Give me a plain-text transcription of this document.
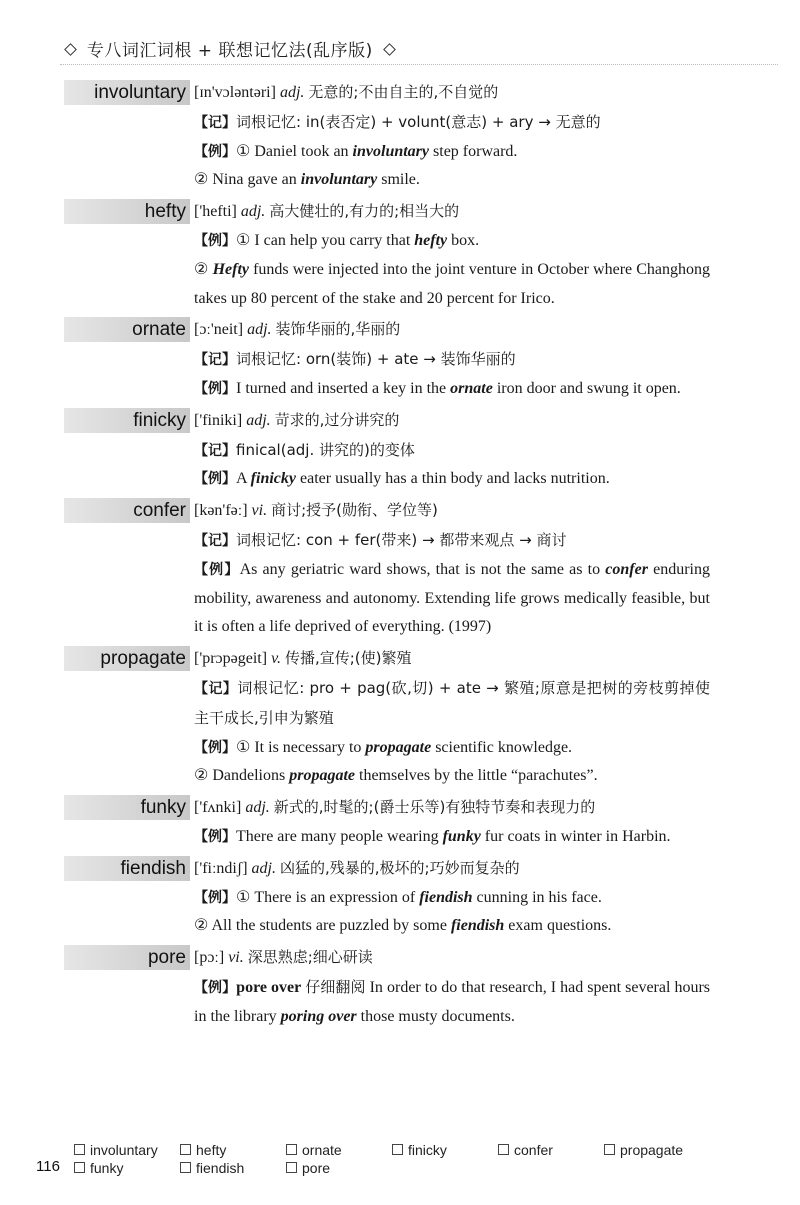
专八词汇词根 + 联想记忆法(乱序版)
involuntary [ɪn'vɔləntəri] adj. 无意的;不由自主的,不自觉的
【记】词根记忆: in(表否定) + volunt(意志) + ary → 无意的
【例】① Daniel took an involuntary step forward.
② Nina gave an involuntary smile.
hefty ['hefti] adj. 高大健壮的,有力的;相当大的
【例】① I can help you carry that hefty box.
② Hefty funds were injected into the joint venture in October where Changhong takes up 80 percent of the stake and 20 percent for Irico.
ornate [ɔː'neit] adj. 装饰华丽的,华丽的
【记】词根记忆: orn(装饰) + ate → 装饰华丽的
【例】I turned and inserted a key in the ornate iron door and swung it open.
finicky ['finiki] adj. 苛求的,过分讲究的
【记】finical(adj. 讲究的)的变体
【例】A finicky eater usually has a thin body and lacks nutrition.
confer [kən'fəː] vi. 商讨;授予(勋衔、学位等)
【记】词根记忆: con + fer(带来) → 都带来观点 → 商讨
【例】As any geriatric ward shows, that is not the same as to confer enduring mobility, awareness and autonomy. Extending life grows medically feasible, but it is often a life deprived of everything. (1997)
propagate ['prɔpəgeit] v. 传播,宣传;(使)繁殖
【记】词根记忆: pro + pag(砍,切) + ate → 繁殖;原意是把树的旁枝剪掉使主干成长,引申为繁殖
【例】① It is necessary to propagate scientific knowledge.
② Dandelions propagate themselves by the little “parachutes”.
funky ['fʌnki] adj. 新式的,时髦的;(爵士乐等)有独特节奏和表现力的
【例】There are many people wearing funky fur coats in winter in Harbin.
fiendish ['fiːndiʃ] adj. 凶猛的,残暴的,极坏的;巧妙而复杂的
【例】① There is an expression of fiendish cunning in his face.
② All the students are puzzled by some fiendish exam questions.
pore [pɔː] vi. 深思熟虑;细心研读
【例】pore over 仔细翻阅 In order to do that research, I had spent several hours in the library poring over those musty documents.
116
involuntary	hefty	ornate	finicky	confer	propagate
funky	fiendish	pore
